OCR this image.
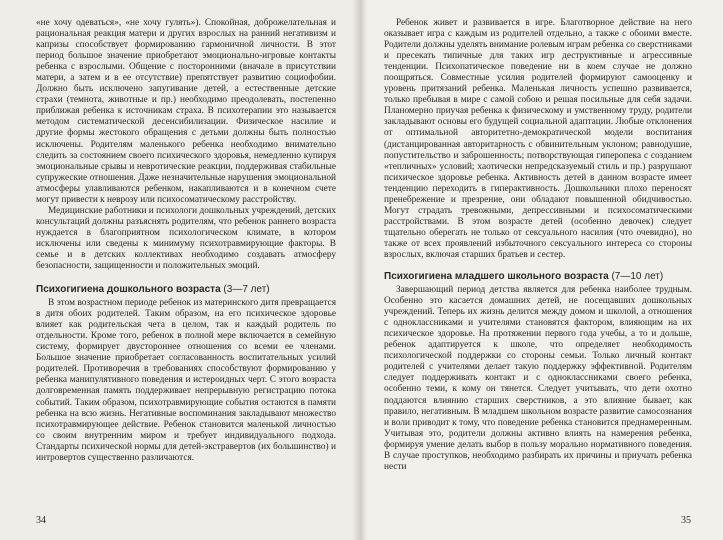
«не хочу одеваться», «не хочу гулять»). Спокойная, доброжелательная и рациональная реакция матери и других взрослых на ранний негативизм и капризы способствует формированию гармоничной личности. В этот период большое значение приобретают эмоционально-игровые контакты ребенка с взрослыми. Общение с посторонними (вначале в присутствии матери, а затем и в ее отсутствие) препятствует развитию социофобии. Должно быть исключено запугивание детей, а естественные детские страхи (темнота, животные и пр.) необходимо преодолевать, постепенно приближая ребенка к источникам страха. В психотерапии это называется методом систематической десенсибилизации. Физическое насилие и другие формы жестокого обращения с детьми должны быть полностью исключены. Родителям маленького ребенка необходимо внимательно следить за состоянием своего психического здоровья, немедленно купируя эмоциональные срывы и невротические реакции, поддерживая стабильные супружеские отношения. Даже незначительные нарушения эмоциональной атмосферы улавливаются ребенком, накапливаются и в конечном счете могут привести к неврозу или психосоматическому расстройству.

Медицинские работники и психологи дошкольных учреждений, детских консультаций должны разъяснять родителям, что ребенок раннего возраста нуждается в благоприятном психологическом климате, в котором исключены или сведены к минимуму психотравмирующие факторы. В семье и в детских коллективах необходимо создавать атмосферу безопасности, защищенности и положительных эмоций.

Психогигиена дошкольного возраста (3—7 лет)

В этом возрастном периоде ребенок из материнского дитя превращается в дитя обоих родителей. Таким образом, на его психическое здоровье влияет как родительская чета в целом, так и каждый родитель по отдельности. Кроме того, ребенок в полной мере включается в семейную систему, формирует двустороннее отношения со всеми ее членами. Большое значение приобретает согласованность воспитательных усилий родителей. Противоречия в требованиях способствуют формированию у ребенка манипулятивного поведения и истероидных черт. С этого возраста долговременная память поддерживает непрерывную регистрацию потока событий. Таким образом, психотравмирующие события остаются в памяти ребенка на всю жизнь. Негативные воспоминания закладывают множество психотравмирующее действие. Ребенок становится маленькой личностью со своим внутренним миром и требует индивидуального подхода. Стандарты психической нормы для детей-экстравертов (их большинство) и интровертов существенно различаются.

34

Ребенок живет и развивается в игре. Благотворное действие на него оказывает игра с каждым из родителей отдельно, а также с обоими вместе. Родители должны уделять внимание ролевым играм ребенка со сверстниками и пресекать типичные для таких игр деструктивные и агрессивные тенденции. Психопатическое поведение ни в коем случае не должно поощряться. Совместные усилия родителей формируют самооценку и уровень притязаний ребенка. Маленькая личность успешно развивается, только пребывая в мире с самой собою и решая посильные для себя задачи. Планомерно приучая ребенка к физическому и умственному труду, родители закладывают основы его будущей социальной адаптации. Любые отклонения от оптимальной авторитетно-демократической модели воспитания (дистанцированная авторитарность с обвинительным уклоном; равнодушие, попустительство и заброшенность; потворствующая гиперопека с созданием «тепличных» условий; хаотически непредсказуемый стиль и пр.) разрушают психическое здоровье ребенка. Активность детей в данном возрасте имеет тенденцию переходить в гиперактивность. Дошкольники плохо переносят пренебрежение и презрение, они обладают повышенной обидчивостью. Могут страдать тревожными, депрессивными и психосоматическими расстройствами. В этом возрасте детей (особенно девочек) следует тщательно оберегать не только от сексуального насилия (что очевидно), но также от всех проявлений избыточного сексуального интереса со стороны взрослых, включая старших братьев и сестер.

Психогигиена младшего школьного возраста (7—10 лет)

Завершающий период детства является для ребенка наиболее трудным. Особенно это касается домашних детей, не посещавших дошкольных учреждений. Теперь их жизнь делится между домом и школой, а отношения с одноклассниками и учителями становятся фактором, влияющим на их психическое здоровье. На протяжении первого года учебы, а то и дольше, ребенок адаптируется к школе, что определяет необходимость психологической поддержки со стороны семьи. Только личный контакт родителей с учителями делает такую поддержку эффективной. Родителям следует поддерживать контакт и с одноклассниками своего ребенка, особенно теми, к кому он тянется. Следует учитывать, что дети охотно поддаются влиянию старших сверстников, а это влияние бывает, как правило, негативным. В младшем школьном возрасте развитие самосознания и воли приводит к тому, что поведение ребенка становится преднамеренным. Учитывая это, родители должны активно влиять на намерения ребенка, формируя умение делать выбор в пользу морально нормативного поведения. В случае проступков, необходимо разбирать их причины и приучать ребенка нести

35
